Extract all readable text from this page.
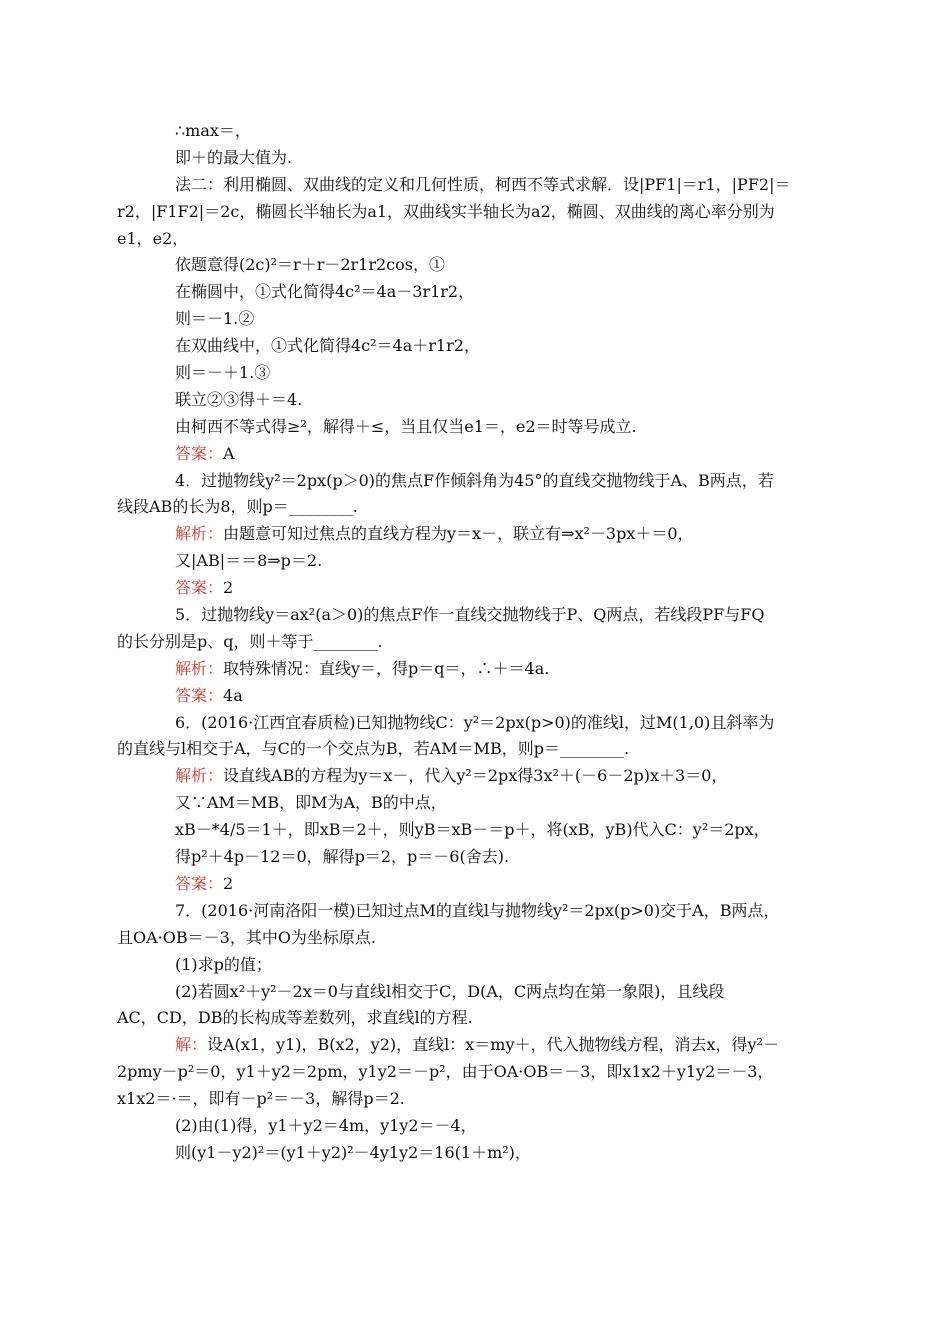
∴max＝，
即＋的最大值为.
法二：利用椭圆、双曲线的定义和几何性质，柯西不等式求解．设|PF1|＝r1，|PF2|＝
r2，|F1F2|＝2c，椭圆长半轴长为a1，双曲线实半轴长为a2，椭圆、双曲线的离心率分别为
e1，e2，
依题意得(2c)²＝r＋r－2r1r2cos，①
在椭圆中，①式化简得4c²＝4a－3r1r2，
则＝－1.②
在双曲线中，①式化简得4c²＝4a＋r1r2，
则＝－＋1.③
联立②③得＋＝4.
由柯西不等式得≥²，解得＋≤，当且仅当e1＝，e2＝时等号成立.
答案：A
4．过抛物线y²＝2px(p＞0)的焦点F作倾斜角为45°的直线交抛物线于A、B两点，若
线段AB的长为8，则p＝________.
解析：由题意可知过焦点的直线方程为y＝x－，联立有⇒x²－3px＋＝0，
又|AB|＝＝8⇒p＝2.
答案：2
5．过抛物线y＝ax²(a＞0)的焦点F作一直线交抛物线于P、Q两点，若线段PF与FQ
的长分别是p、q，则＋等于________.
解析：取特殊情况：直线y＝，得p＝q＝，∴＋＝4a.
答案：4a
6．(2016·江西宜春质检)已知抛物线C：y²＝2px(p>0)的准线l，过M(1,0)且斜率为
的直线与l相交于A，与C的一个交点为B，若AM＝MB，则p＝________.
解析：设直线AB的方程为y＝x－，代入y²＝2px得3x²＋(－6－2p)x＋3＝0，
又∵AM＝MB，即M为A，B的中点，
xB－*4/5＝1＋，即xB＝2＋，则yB＝xB－＝p＋，将(xB，yB)代入C：y²＝2px，
得p²＋4p－12＝0，解得p＝2，p＝－6(舍去).
答案：2
7．(2016·河南洛阳一模)已知过点M的直线l与抛物线y²＝2px(p>0)交于A，B两点，
且OA·OB＝－3，其中O为坐标原点.
(1)求p的值；
(2)若圆x²＋y²－2x＝0与直线l相交于C，D(A，C两点均在第一象限)，且线段
AC，CD，DB的长构成等差数列，求直线l的方程.
解：设A(x1，y1)，B(x2，y2)，直线l：x＝my＋，代入抛物线方程，消去x，得y²－
2pmy－p²＝0，y1＋y2＝2pm，y1y2＝－p²，由于OA·OB＝－3，即x1x2＋y1y2＝－3，
x1x2＝·＝，即有－p²＝－3，解得p＝2.
(2)由(1)得，y1＋y2＝4m，y1y2＝－4，
则(y1－y2)²＝(y1＋y2)²－4y1y2＝16(1＋m²)，
